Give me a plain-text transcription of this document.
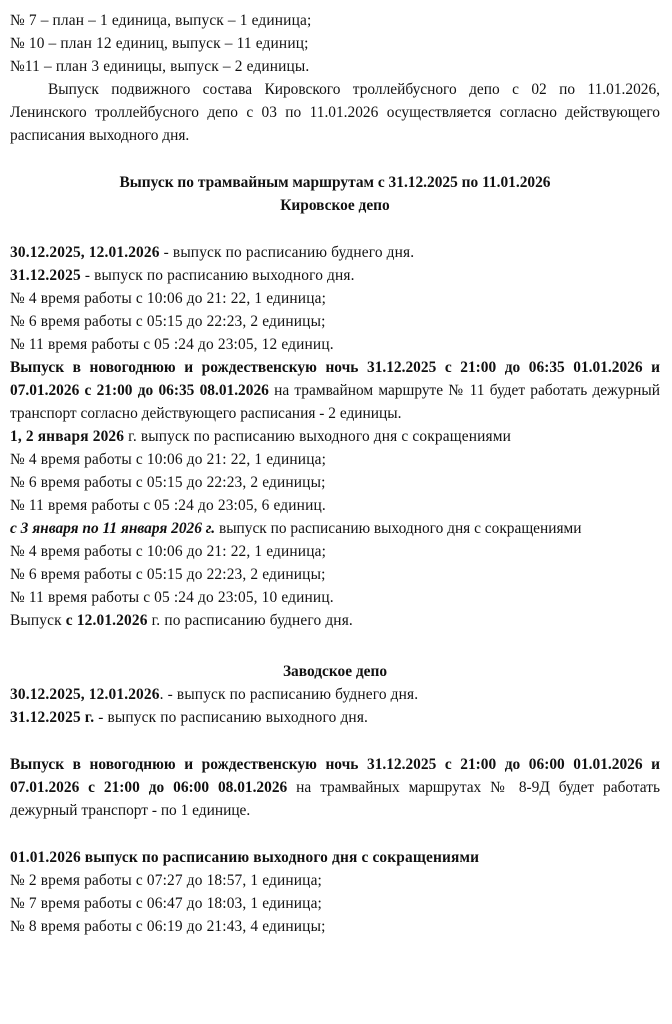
№ 7 – план – 1 единица, выпуск – 1 единица;
№ 10 – план 12 единиц, выпуск – 11 единиц;
№11 – план 3 единицы, выпуск – 2 единицы.

Выпуск подвижного состава Кировского троллейбусного депо с 02 по 11.01.2026, Ленинского троллейбусного депо с 03 по 11.01.2026 осуществляется согласно действующего расписания выходного дня.

Выпуск по трамвайным маршрутам с 31.12.2025 по 11.01.2026
Кировское депо
30.12.2025, 12.01.2026 - выпуск по расписанию буднего дня.
31.12.2025 - выпуск по расписанию выходного дня.
№ 4 время работы с 10:06 до 21: 22, 1 единица;
№ 6 время работы с 05:15 до 22:23, 2 единицы;
№ 11 время работы с 05 :24 до 23:05, 12 единиц.

Выпуск в новогоднюю и рождественскую ночь 31.12.2025 с 21:00 до 06:35 01.01.2026 и 07.01.2026 с 21:00 до 06:35 08.01.2026 на трамвайном маршруте № 11 будет работать дежурный транспорт согласно действующего расписания - 2 единицы.

1, 2 января 2026 г. выпуск по расписанию выходного дня с сокращениями
№ 4 время работы с 10:06 до 21: 22, 1 единица;
№ 6 время работы с 05:15 до 22:23, 2 единицы;
№ 11 время работы с 05 :24 до 23:05, 6 единиц.

с 3 января по 11 января 2026 г. выпуск по расписанию выходного дня с сокращениями

№ 4 время работы с 10:06 до 21: 22, 1 единица;
№ 6 время работы с 05:15 до 22:23, 2 единицы;
№ 11 время работы с 05 :24 до 23:05, 10 единиц.
Выпуск с 12.01.2026 г. по расписанию буднего дня.
Заводское депо
30.12.2025, 12.01.2026. - выпуск по расписанию буднего дня.
31.12.2025 г. - выпуск по расписанию выходного дня.

Выпуск в новогоднюю и рождественскую ночь 31.12.2025 с 21:00 до 06:00 01.01.2026 и 07.01.2026 с 21:00 до 06:00 08.01.2026 на трамвайных маршрутах № 8-9Д будет работать дежурный транспорт - по 1 единице.

01.01.2026 выпуск по расписанию выходного дня с сокращениями
№ 2 время работы с 07:27 до 18:57, 1 единица;
№ 7 время работы с 06:47 до 18:03, 1 единица;
№ 8 время работы с 06:19 до 21:43, 4 единицы;
